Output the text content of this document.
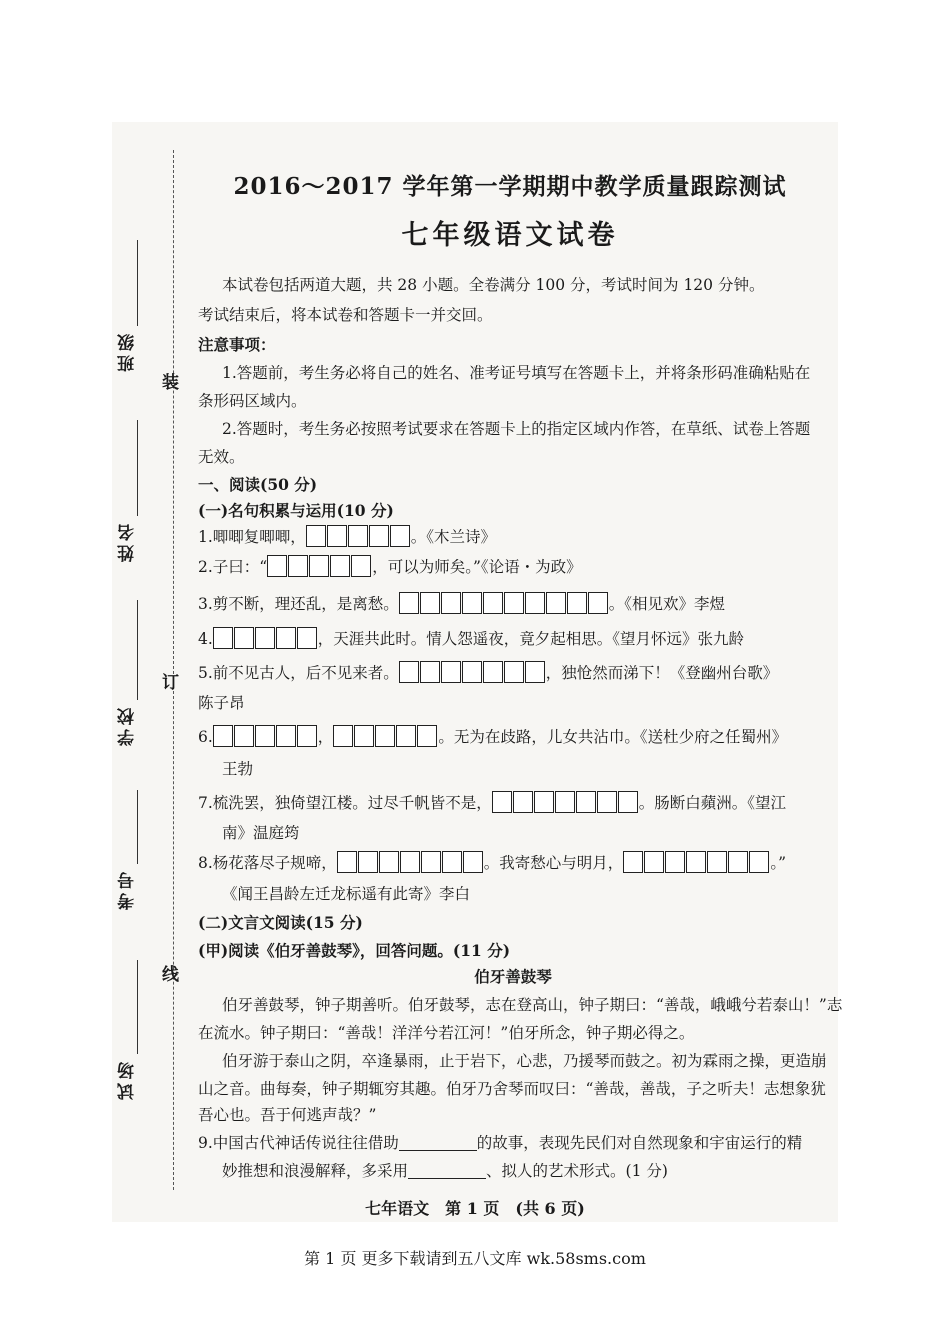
装
订
线
班级
姓名
学校
考号
试场
2016～2017 学年第一学期期中教学质量跟踪测试
七年级语文试卷
本试卷包括两道大题，共 28 小题。全卷满分 100 分，考试时间为 120 分钟。
考试结束后，将本试卷和答题卡一并交回。
注意事项：
1.答题前，考生务必将自己的姓名、准考证号填写在答题卡上，并将条形码准确粘贴在
条形码区域内。
2.答题时，考生务必按照考试要求在答题卡上的指定区域内作答，在草纸、试卷上答题
无效。
一、阅读(50 分)
(一)名句积累与运用(10 分)
1.唧唧复唧唧，	。《木兰诗》
2.子曰：“	，可以为师矣。”《论语・为政》
3.剪不断，理还乱，是离愁。	。《相见欢》李煜
4.	，天涯共此时。情人怨遥夜，竟夕起相思。《望月怀远》张九龄
5.前不见古人，后不见来者。	，独怆然而涕下！《登幽州台歌》
陈子昂
6.	，	。无为在歧路，儿女共沾巾。《送杜少府之任蜀州》
王勃
7.梳洗罢，独倚望江楼。过尽千帆皆不是，	。肠断白蘋洲。《望江
南》温庭筠
8.杨花落尽子规啼，	。我寄愁心与明月，	。”
《闻王昌龄左迁龙标遥有此寄》李白
(二)文言文阅读(15 分)
(甲)阅读《伯牙善鼓琴》，回答问题。(11 分)
伯牙善鼓琴
伯牙善鼓琴，钟子期善听。伯牙鼓琴，志在登高山，钟子期曰：“善哉，峨峨兮若泰山！”志
在流水。钟子期曰：“善哉！洋洋兮若江河！”伯牙所念，钟子期必得之。
伯牙游于泰山之阴，卒逢暴雨，止于岩下，心悲，乃援琴而鼓之。初为霖雨之操，更造崩
山之音。曲每奏，钟子期辄穷其趣。伯牙乃舍琴而叹曰：“善哉，善哉，子之听夫！志想象犹
吾心也。吾于何逃声哉？”
9.中国古代神话传说往往借助	的故事，表现先民们对自然现象和宇宙运行的精
妙推想和浪漫解释，多采用	、拟人的艺术形式。(1 分)
七年语文　第 1 页　(共 6 页)
第 1 页 更多下载请到五八文库 wk.58sms.com
